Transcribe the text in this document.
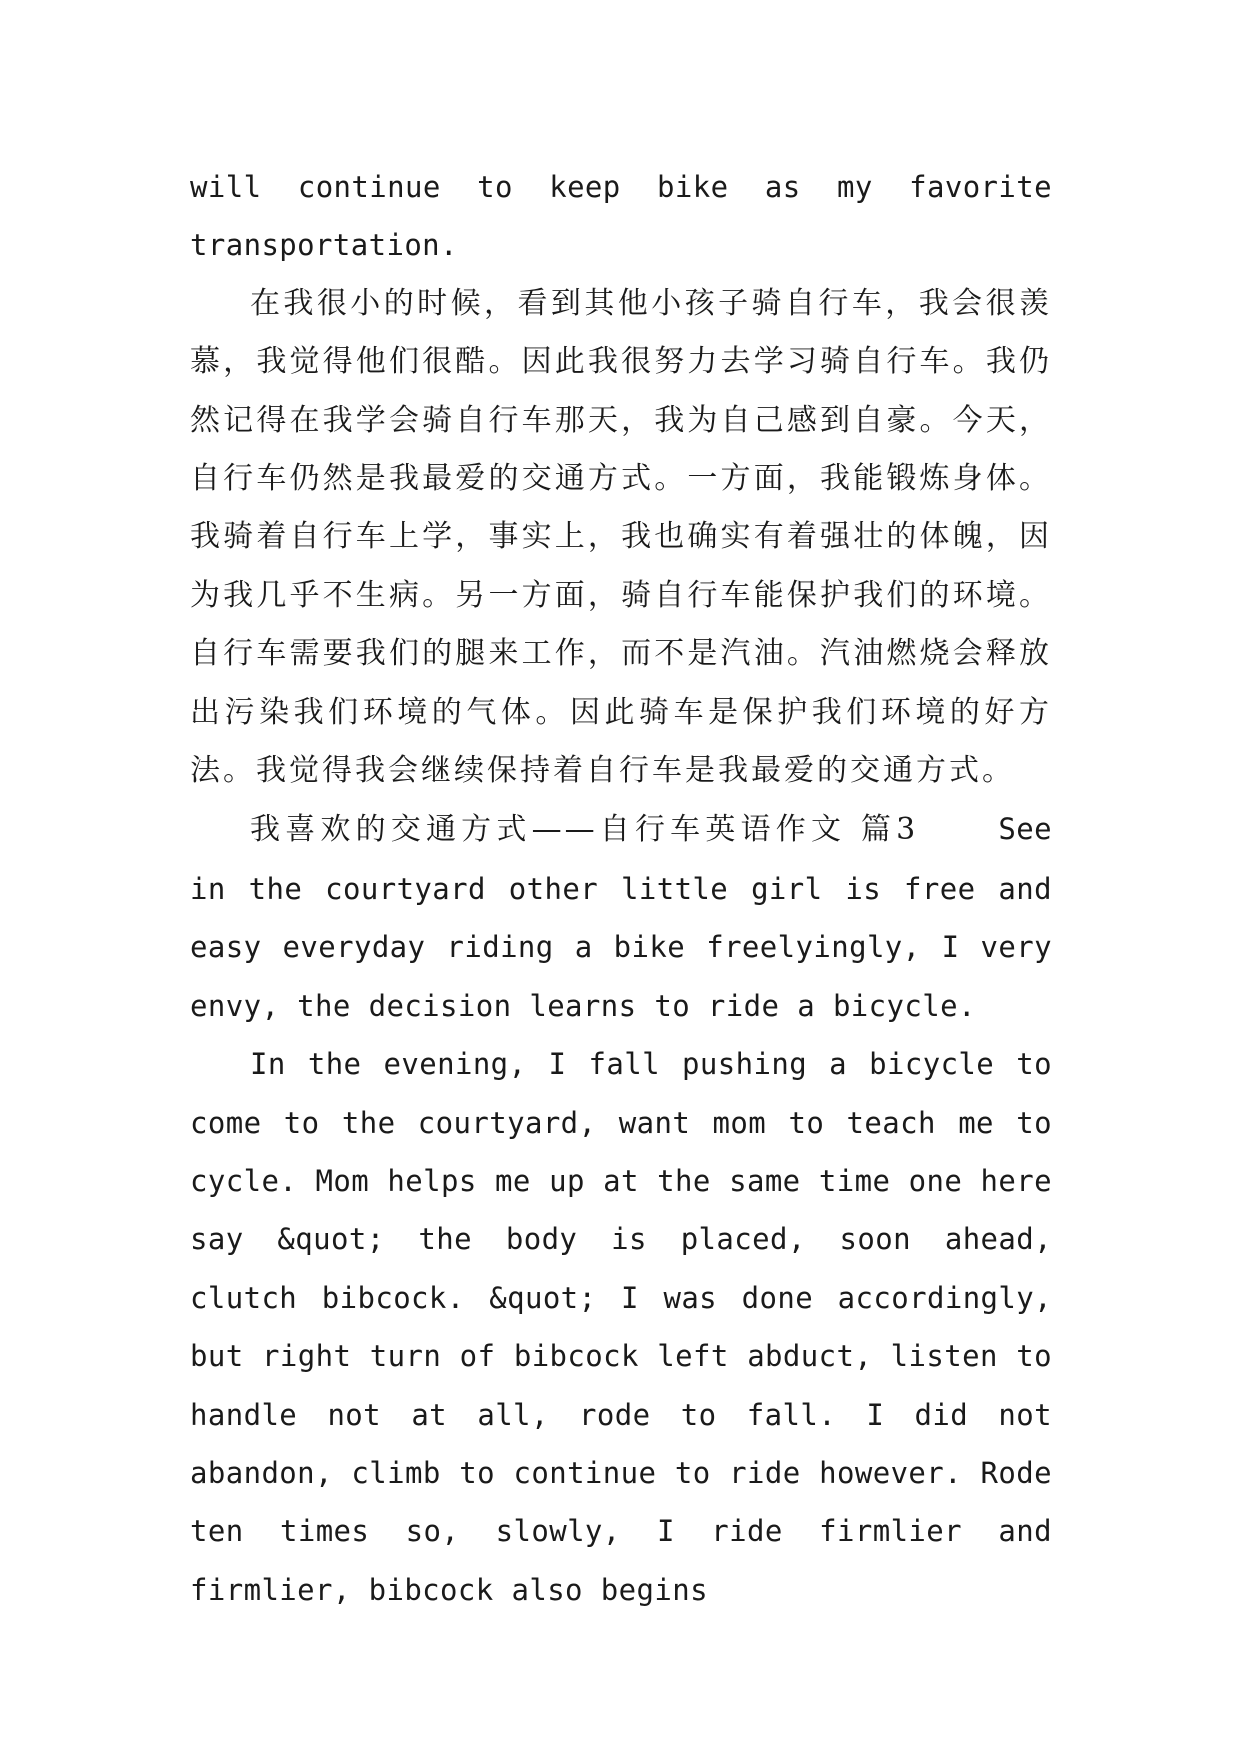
will continue to keep bike as my favorite transportation.

在我很小的时候，看到其他小孩子骑自行车，我会很羡慕，我觉得他们很酷。因此我很努力去学习骑自行车。我仍然记得在我学会骑自行车那天，我为自己感到自豪。今天，自行车仍然是我最爱的交通方式。一方面，我能锻炼身体。我骑着自行车上学，事实上，我也确实有着强壮的体魄，因为我几乎不生病。另一方面，骑自行车能保护我们的环境。自行车需要我们的腿来工作，而不是汽油。汽油燃烧会释放出污染我们环境的气体。因此骑车是保护我们环境的好方法。我觉得我会继续保持着自行车是我最爱的交通方式。

我喜欢的交通方式——自行车英语作文 篇3	See in the courtyard other little girl is free and easy everyday riding a bike freelyingly, I very envy, the decision learns to ride a bicycle.

In the evening, I fall pushing a bicycle to come to the courtyard, want mom to teach me to cycle. Mom helps me up at the same time one here say &quot; the body is placed, soon ahead, clutch bibcock. &quot; I was done accordingly, but right turn of bibcock left abduct, listen to handle not at all, rode to fall. I did not abandon, climb to continue to ride however. Rode ten times so, slowly, I ride firmlier and firmlier, bibcock also begins
